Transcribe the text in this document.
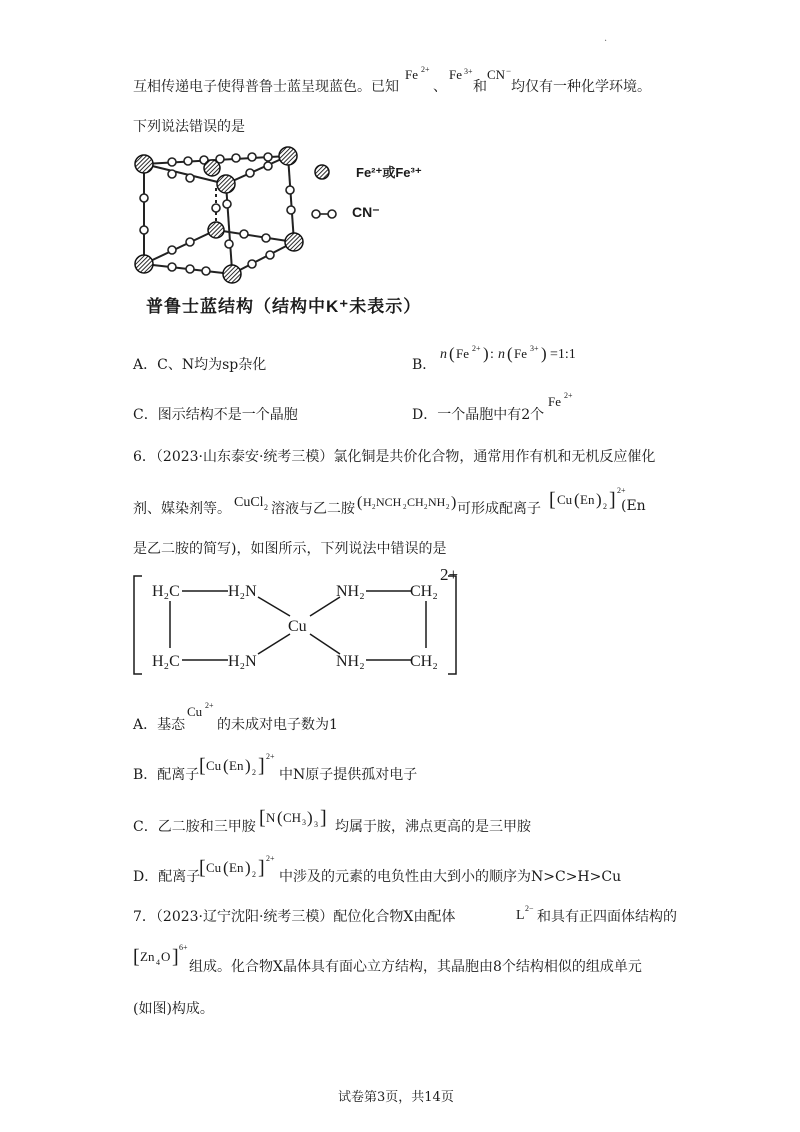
·
互相传递电子使得普鲁士蓝呈现蓝色。已知
Fe 2+
、
Fe 3+
和
CN −
均仅有一种化学环境。
下列说法错误的是
Fe²⁺或Fe³⁺
CN⁻
普鲁士蓝结构（结构中K⁺未表示）
A．C、N均为sp杂化	B．
n ( Fe 2+ ) : n ( Fe 3+ ) =1:1
C．图示结构不是一个晶胞	D．一个晶胞中有2个
Fe 2+
6．（2023·山东泰安·统考三模）氯化铜是共价化合物，通常用作有机和无机反应催化
剂、媒染剂等。 CuCl 2 溶液与乙二胺 ( H 2 NCH 2 CH 2 NH 2 ) 可形成配离子 [ Cu ( En ) 2 ] 2+
(En
是乙二胺的简写)，如图所示，下列说法中错误的是
H₂C	H₂N	NH₂	CH₂
Cu
H₂C	H₂N	NH₂	CH₂
2+
A．基态
Cu 2+
的未成对电子数为1
B．配离子 [ Cu ( En ) 2 ] 2+
中N原子提供孤对电子
C．乙二胺和三甲胺 [ N ( CH 3 ) 3 ] 均属于胺，沸点更高的是三甲胺
D．配离子
[ Cu ( En ) 2 ] 2+
中涉及的元素的电负性由大到小的顺序为N>C>H>Cu
7．（2023·辽宁沈阳·统考三模）配位化合物X由配体	L 2−
和具有正四面体结构的
[ Zn 4 O ] 6+
组成。化合物X晶体具有面心立方结构，其晶胞由8个结构相似的组成单元
(如图)构成。
试卷第3页，共14页
